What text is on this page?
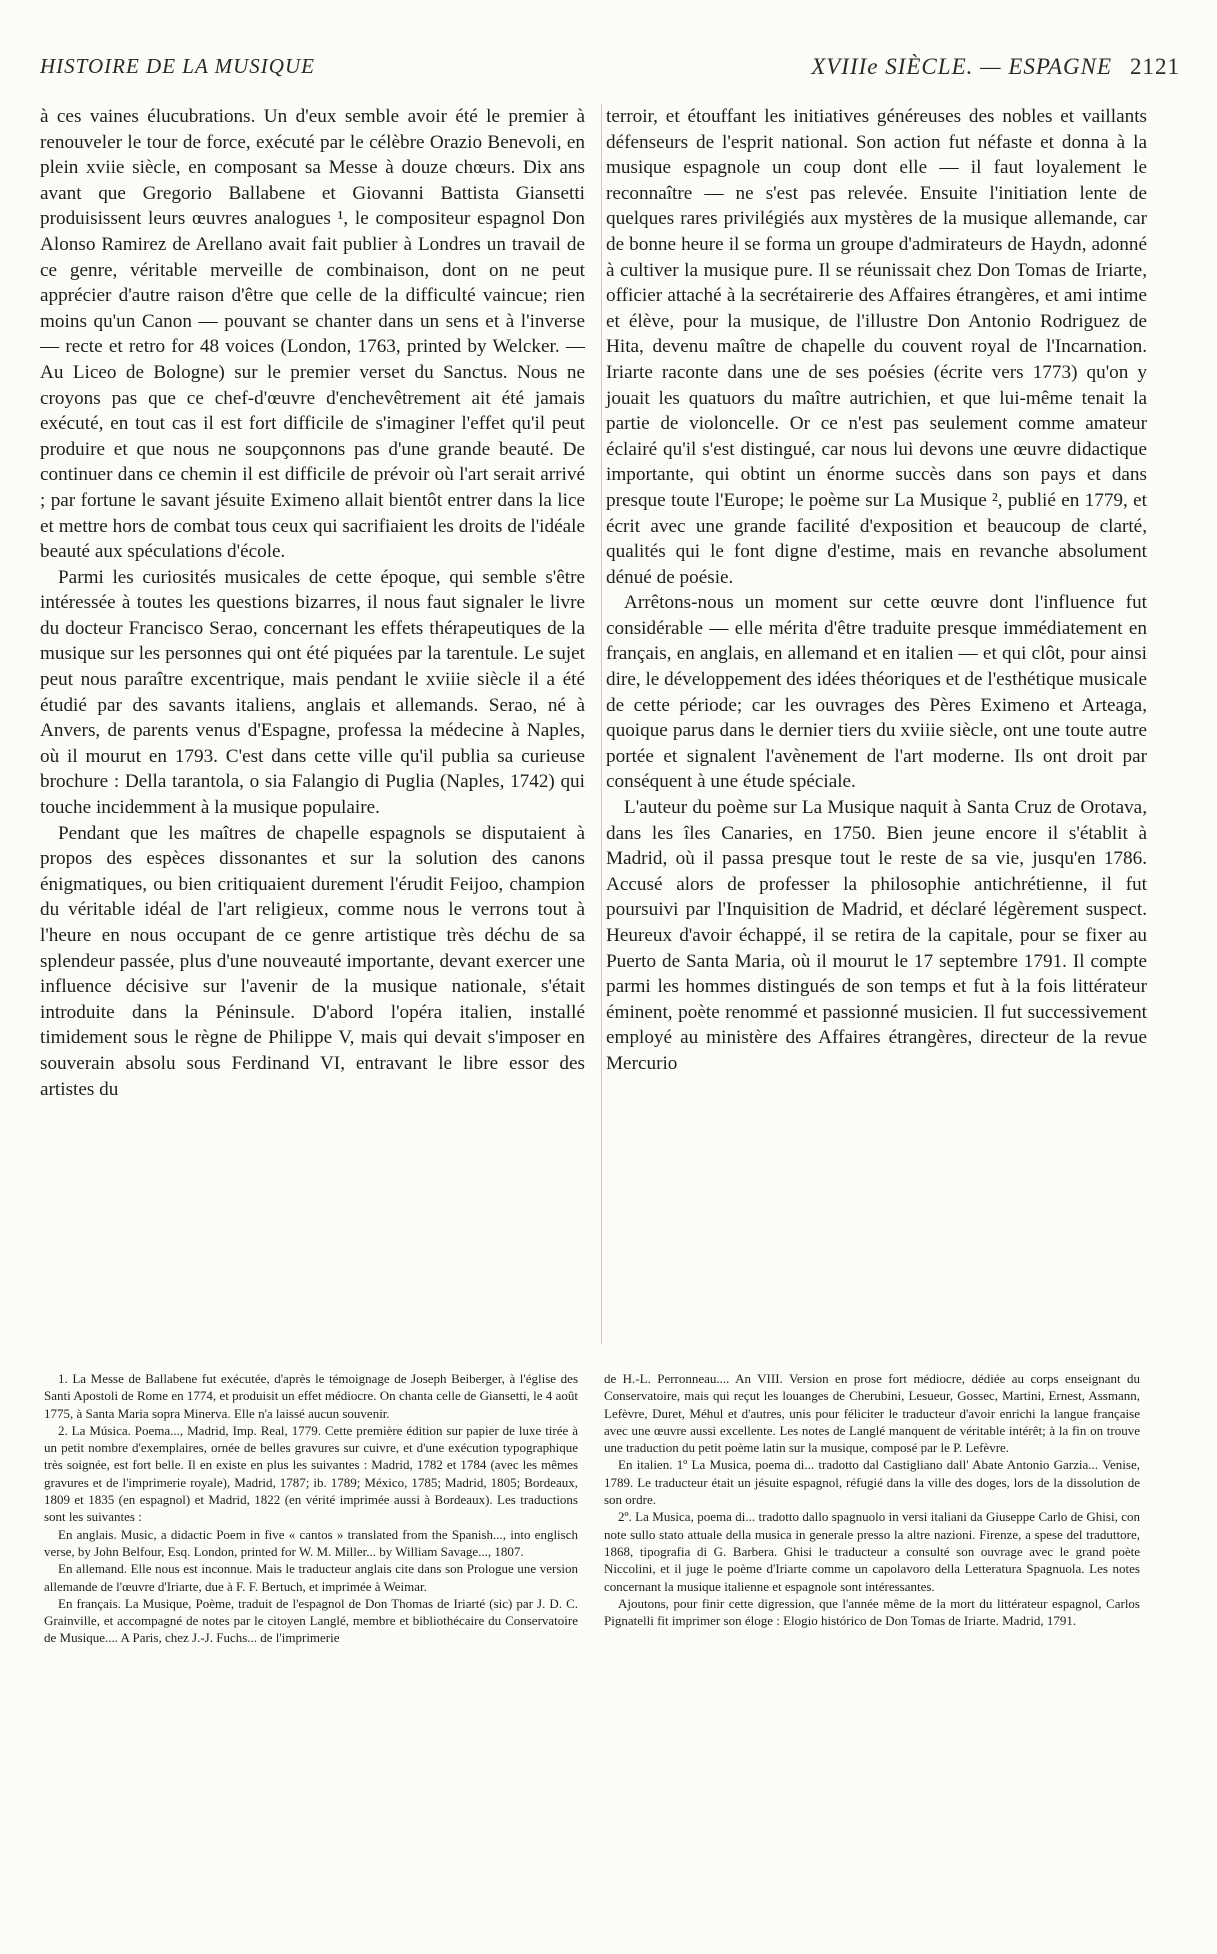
HISTOIRE DE LA MUSIQUE	XVIIIe SIÈCLE. — ESPAGNE 2121

à ces vaines élucubrations. Un d'eux semble avoir été le premier à renouveler le tour de force, exécuté par le célèbre Orazio Benevoli, en plein xviie siècle, en composant sa Messe à douze chœurs. Dix ans avant que Gregorio Ballabene et Giovanni Battista Giansetti produisissent leurs œuvres analogues ¹, le compositeur espagnol Don Alonso Ramirez de Arellano avait fait publier à Londres un travail de ce genre, véritable merveille de combinaison, dont on ne peut apprécier d'autre raison d'être que celle de la difficulté vaincue; rien moins qu'un Canon — pouvant se chanter dans un sens et à l'inverse — recte et retro for 48 voices (London, 1763, printed by Welcker. — Au Liceo de Bologne) sur le premier verset du Sanctus. Nous ne croyons pas que ce chef-d'œuvre d'enchevêtrement ait été jamais exécuté, en tout cas il est fort difficile de s'imaginer l'effet qu'il peut produire et que nous ne soupçonnons pas d'une grande beauté. De continuer dans ce chemin il est difficile de prévoir où l'art serait arrivé ; par fortune le savant jésuite Eximeno allait bientôt entrer dans la lice et mettre hors de combat tous ceux qui sacrifiaient les droits de l'idéale beauté aux spéculations d'école.

Parmi les curiosités musicales de cette époque, qui semble s'être intéressée à toutes les questions bizarres, il nous faut signaler le livre du docteur Francisco Serao, concernant les effets thérapeutiques de la musique sur les personnes qui ont été piquées par la tarentule. Le sujet peut nous paraître excentrique, mais pendant le xviiie siècle il a été étudié par des savants italiens, anglais et allemands. Serao, né à Anvers, de parents venus d'Espagne, professa la médecine à Naples, où il mourut en 1793. C'est dans cette ville qu'il publia sa curieuse brochure : Della tarantola, o sia Falangio di Puglia (Naples, 1742) qui touche incidemment à la musique populaire.

Pendant que les maîtres de chapelle espagnols se disputaient à propos des espèces dissonantes et sur la solution des canons énigmatiques, ou bien critiquaient durement l'érudit Feijoo, champion du véritable idéal de l'art religieux, comme nous le verrons tout à l'heure en nous occupant de ce genre artistique très déchu de sa splendeur passée, plus d'une nouveauté importante, devant exercer une influence décisive sur l'avenir de la musique nationale, s'était introduite dans la Péninsule. D'abord l'opéra italien, installé timidement sous le règne de Philippe V, mais qui devait s'imposer en souverain absolu sous Ferdinand VI, entravant le libre essor des artistes du

terroir, et étouffant les initiatives généreuses des nobles et vaillants défenseurs de l'esprit national. Son action fut néfaste et donna à la musique espagnole un coup dont elle — il faut loyalement le reconnaître — ne s'est pas relevée. Ensuite l'initiation lente de quelques rares privilégiés aux mystères de la musique allemande, car de bonne heure il se forma un groupe d'admirateurs de Haydn, adonné à cultiver la musique pure. Il se réunissait chez Don Tomas de Iriarte, officier attaché à la secrétairerie des Affaires étrangères, et ami intime et élève, pour la musique, de l'illustre Don Antonio Rodriguez de Hita, devenu maître de chapelle du couvent royal de l'Incarnation. Iriarte raconte dans une de ses poésies (écrite vers 1773) qu'on y jouait les quatuors du maître autrichien, et que lui-même tenait la partie de violoncelle. Or ce n'est pas seulement comme amateur éclairé qu'il s'est distingué, car nous lui devons une œuvre didactique importante, qui obtint un énorme succès dans son pays et dans presque toute l'Europe; le poème sur La Musique ², publié en 1779, et écrit avec une grande facilité d'exposition et beaucoup de clarté, qualités qui le font digne d'estime, mais en revanche absolument dénué de poésie.

Arrêtons-nous un moment sur cette œuvre dont l'influence fut considérable — elle mérita d'être traduite presque immédiatement en français, en anglais, en allemand et en italien — et qui clôt, pour ainsi dire, le développement des idées théoriques et de l'esthétique musicale de cette période; car les ouvrages des Pères Eximeno et Arteaga, quoique parus dans le dernier tiers du xviiie siècle, ont une toute autre portée et signalent l'avènement de l'art moderne. Ils ont droit par conséquent à une étude spéciale.

L'auteur du poème sur La Musique naquit à Santa Cruz de Orotava, dans les îles Canaries, en 1750. Bien jeune encore il s'établit à Madrid, où il passa presque tout le reste de sa vie, jusqu'en 1786. Accusé alors de professer la philosophie antichrétienne, il fut poursuivi par l'Inquisition de Madrid, et déclaré légèrement suspect. Heureux d'avoir échappé, il se retira de la capitale, pour se fixer au Puerto de Santa Maria, où il mourut le 17 septembre 1791. Il compte parmi les hommes distingués de son temps et fut à la fois littérateur éminent, poète renommé et passionné musicien. Il fut successivement employé au ministère des Affaires étrangères, directeur de la revue Mercurio

1. La Messe de Ballabene fut exécutée, d'après le témoignage de Joseph Beiberger, à l'église des Santi Apostoli de Rome en 1774, et produisit un effet médiocre. On chanta celle de Giansetti, le 4 août 1775, à Santa Maria sopra Minerva. Elle n'a laissé aucun souvenir.

2. La Música. Poema..., Madrid, Imp. Real, 1779. Cette première édition sur papier de luxe tirée à un petit nombre d'exemplaires, ornée de belles gravures sur cuivre, et d'une exécution typographique très soignée, est fort belle. Il en existe en plus les suivantes : Madrid, 1782 et 1784 (avec les mêmes gravures et de l'imprimerie royale), Madrid, 1787; ib. 1789; México, 1785; Madrid, 1805; Bordeaux, 1809 et 1835 (en espagnol) et Madrid, 1822 (en vérité imprimée aussi à Bordeaux). Les traductions sont les suivantes :

En anglais. Music, a didactic Poem in five « cantos » translated from the Spanish..., into englisch verse, by John Belfour, Esq. London, printed for W. M. Miller... by William Savage..., 1807.

En allemand. Elle nous est inconnue. Mais le traducteur anglais cite dans son Prologue une version allemande de l'œuvre d'Iriarte, due à F. F. Bertuch, et imprimée à Weimar.

En français. La Musique, Poème, traduit de l'espagnol de Don Thomas de Iriarté (sic) par J. D. C. Grainville, et accompagné de notes par le citoyen Langlé, membre et bibliothécaire du Conservatoire de Musique.... A Paris, chez J.-J. Fuchs... de l'imprimerie

de H.-L. Perronneau.... An VIII. Version en prose fort médiocre, dédiée au corps enseignant du Conservatoire, mais qui reçut les louanges de Cherubini, Lesueur, Gossec, Martini, Ernest, Assmann, Lefèvre, Duret, Méhul et d'autres, unis pour féliciter le traducteur d'avoir enrichi la langue française avec une œuvre aussi excellente. Les notes de Langlé manquent de véritable intérêt; à la fin on trouve une traduction du petit poème latin sur la musique, composé par le P. Lefèvre.

En italien. 1º La Musica, poema di... tradotto dal Castigliano dall' Abate Antonio Garzia... Venise, 1789. Le traducteur était un jésuite espagnol, réfugié dans la ville des doges, lors de la dissolution de son ordre.

2º. La Musica, poema di... tradotto dallo spagnuolo in versi italiani da Giuseppe Carlo de Ghisi, con note sullo stato attuale della musica in generale presso la altre nazioni. Firenze, a spese del traduttore, 1868, tipografia di G. Barbera. Ghisi le traducteur a consulté son ouvrage avec le grand poète Niccolini, et il juge le poème d'Iriarte comme un capolavoro della Letteratura Spagnuola. Les notes concernant la musique italienne et espagnole sont intéressantes.

Ajoutons, pour finir cette digression, que l'année même de la mort du littérateur espagnol, Carlos Pignatelli fit imprimer son éloge : Elogio histórico de Don Tomas de Iriarte. Madrid, 1791.
